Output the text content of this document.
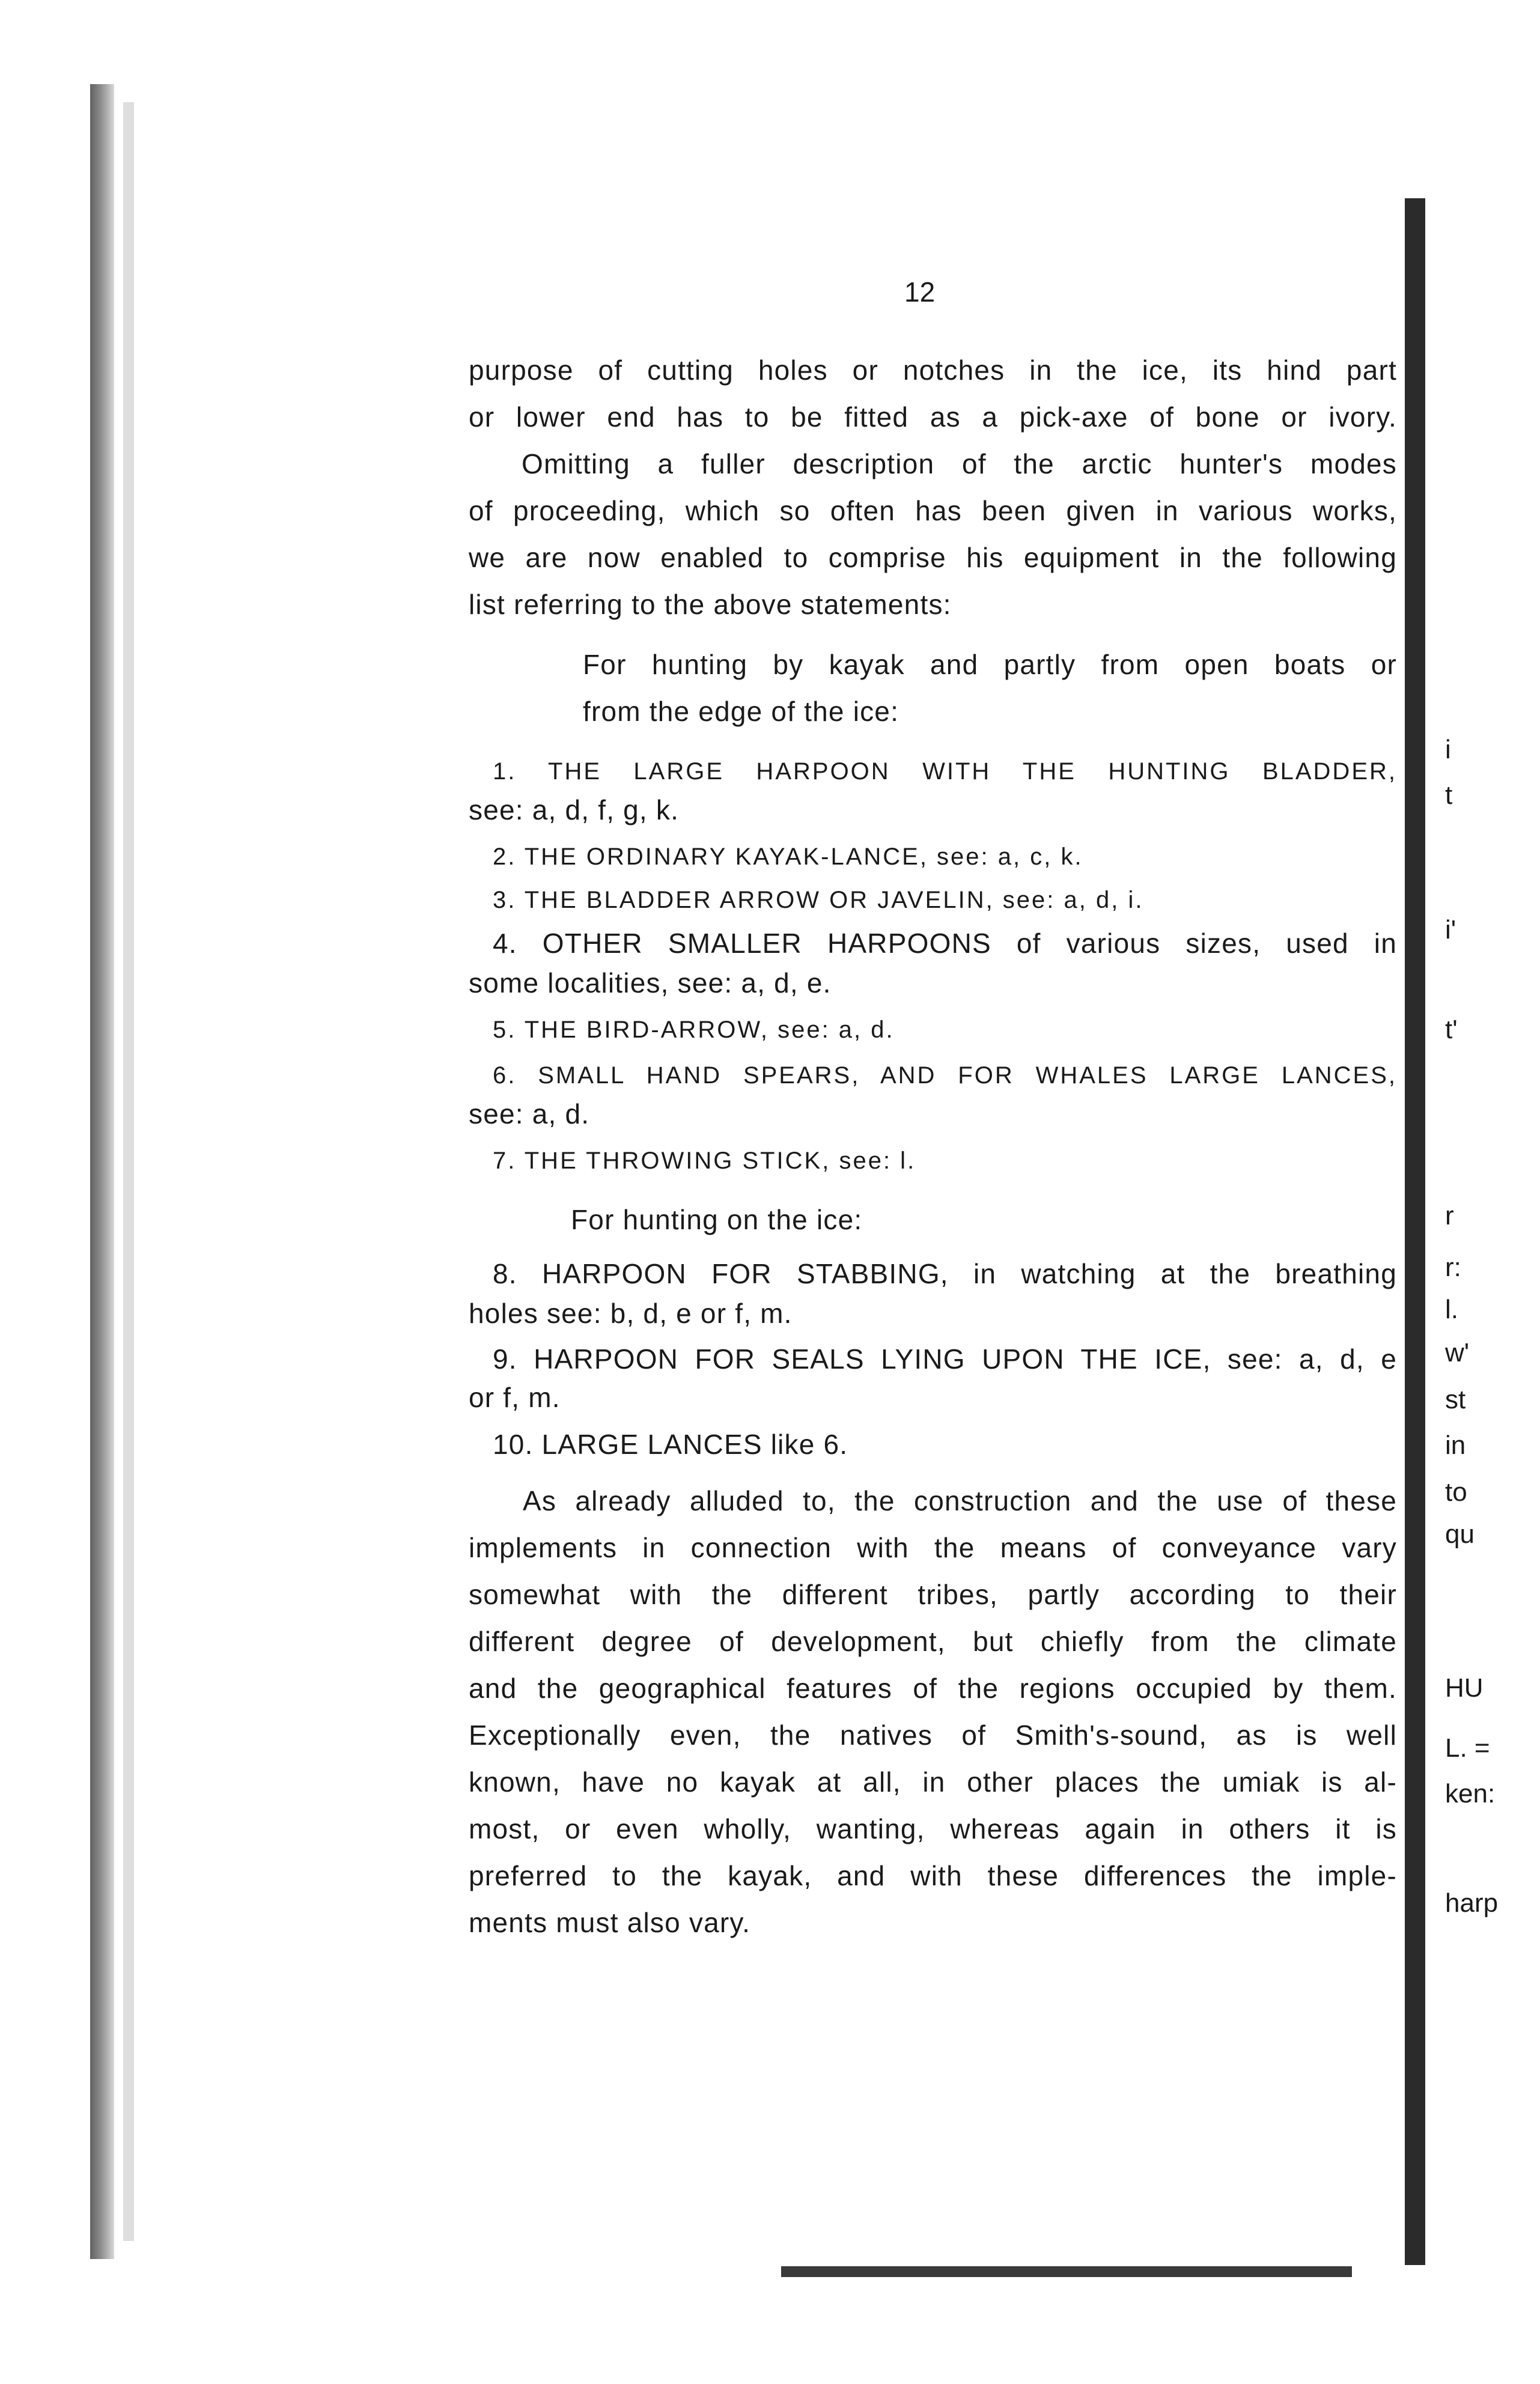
12
purpose of cutting holes or notches in the ice, its hind part
or lower end has to be fitted as a pick-axe of bone or ivory.
Omitting a fuller description of the arctic hunter's modes
of proceeding, which so often has been given in various works,
we are now enabled to comprise his equipment in the following
list referring to the above statements:
For hunting by kayak and partly from open boats or
from the edge of the ice:
1. THE LARGE HARPOON WITH THE HUNTING BLADDER,
see: a, d, f, g, k.
2. THE ORDINARY KAYAK-LANCE, see: a, c, k.
3. THE BLADDER ARROW OR JAVELIN, see: a, d, i.
4. OTHER SMALLER HARPOONS of various sizes, used in
some localities, see: a, d, e.
5. THE BIRD-ARROW, see: a, d.
6. SMALL HAND SPEARS, AND FOR WHALES LARGE LANCES,
see: a, d.
7. THE THROWING STICK, see: l.
For hunting on the ice:
8. HARPOON FOR STABBING, in watching at the breathing
holes see: b, d, e or f, m.
9. HARPOON FOR SEALS LYING UPON THE ICE, see: a, d, e
or f, m.
10. LARGE LANCES like 6.
As already alluded to, the construction and the use of these
implements in connection with the means of conveyance vary
somewhat with the different tribes, partly according to their
different degree of development, but chiefly from the climate
and the geographical features of the regions occupied by them.
Exceptionally even, the natives of Smith's-sound, as is well
known, have no kayak at all, in other places the umiak is al-
most, or even wholly, wanting, whereas again in others it is
preferred to the kayak, and with these differences the imple-
ments must also vary.
i
t
i'
t'
r
r:
l.
w'
st
in
to
qu
HU
L. =
ken:
harp
